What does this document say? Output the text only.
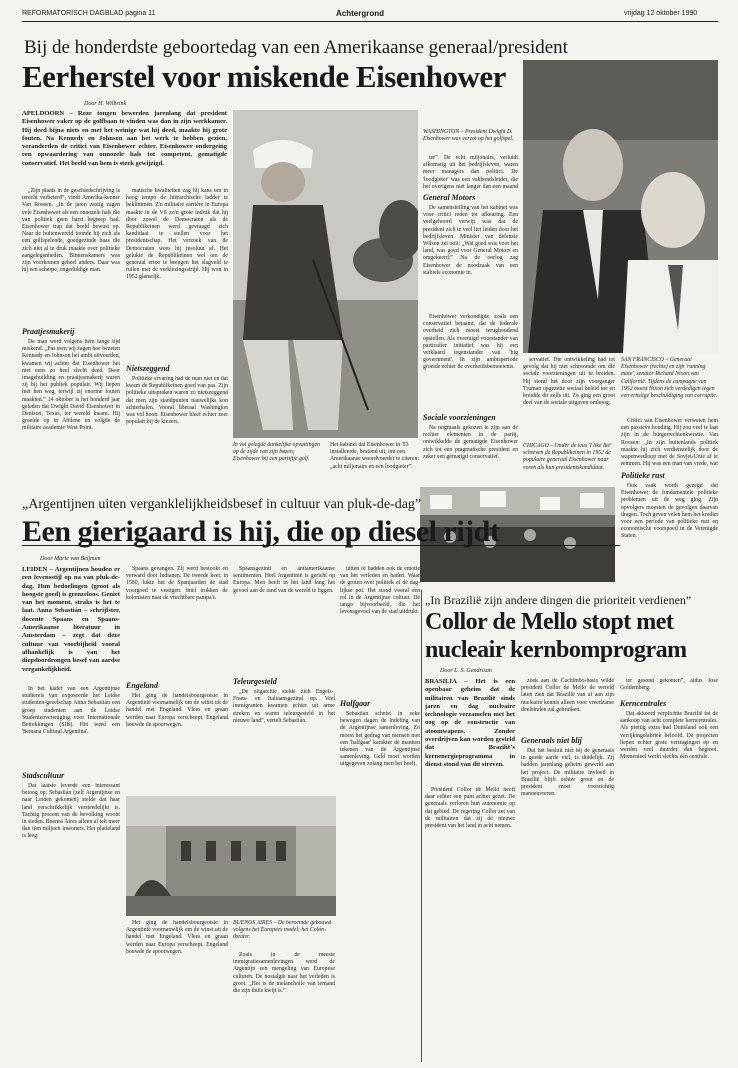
REFORMATORISCH DAGBLAD pagina 11	Achtergrond	vrijdag 12 oktober 1990
Bij de honderdste geboortedag van een Amerikaanse generaal/president
Eerherstel voor miskende Eisenhower
Door H. Wilbrink
APELDOORN – Roze tongen bewerden jarenlang dat president Eisenhower vaker op de golfbaan te vinden was dan in zijn werkkamer. Hij deed bijna niets en met het weinige wat hij deed, maakte hij grote fouten. Na Kennedy en Johnson aan het werk te hebben gezien, veranderden de critici van Eisenhower echter. Eisenhower ondergeing een opwaardering van onnozele hals tot competent, gematigde conservatief. Het beeld van hem is sterk gewijzigd.

„Zijn plaats in de geschiedschrijving is terecht verbeterd”, vindt Amerika-kenner Van Roosen. „In de jaren zestig zagen vele Eisenhower als een onnozele hals die van politiek geen barst begreep had. Eisenhower trap dat beeld bewust op. Naar de buitenwereld toonde hij zich als een golfspelende, goedgezinde baas die zich niet al te druk maakte over politieke aangelegenheden. Binnenskamers was zijn voorkomen geheel anders. Daar was hij een scherpe, ongeduldige man.

Praatjesmakerij

De man werd volgens hem lange tijd miskend. „Pas toen wij zagen hoe bezeten Kennedy en Johnson het ambt uitvoerden, kwamen wij achter dat Eisenhower het niet eens zo heel slecht deed. Door imagebuilding en praatjesmakerij waren zij bij het publiek populair. Wij liepen met hen weg, terwijl zij enorme fouten maakten.” 14 oktober is het honderd jaar geleden dat Dwight David Eisenhower in Denison, Texas, ter wereld kwam. Hij groeide op in Abilene en volgde de militaire academie West Point.

matische kwaliteiten zag hij kans om in hoog tempo de hiërarchische ladder te beklimmen. Z'n militaire carrière in Europa maakte in de VS zo'n grote indruk dat hij door zowel de Democraten als de Republikeinen werd gevraagd zich kandidaat te stellen voor het presidentschap. Het verzoek van de Democraten wees hij resoluut af. Het gelukte de Republikeinen wel om de generaal ertoe te brengen het slagveld te ruilen met de verkiezingsstrijd. Hij won in 1952 glansrijk.

Nietszeggend

Politieke ervaring had de man niet en dat kwam de Republikeinen goed van pas. Zijn politieke uitspraken waren zo nietszeggend dat men zijn standpunten nauwelijks kon achterhalen. Vooral liberaal Washington was vol hoon. Eisenhower bleef echter zeer populair bij de kiezers.

In vol gelegde dankelijke opvattingen op de zijde van zijn bazen; Eisenhower bij een partijtje golf.
Het kabinet dat Eisenhower in '53 installeerde, bestond uit, om een Amerikaanse woordvoerder te citeren: „acht miljonairs en een loodgieter”.
WASHINGTON – President Dwight D. Eisenhower was verzot op het golfspel.

ter”. De echt miljonairs, verluidt afkomstig uit het bedrijfsleven, waren meer managers dan politici. De 'loodgieter' was een vakbondsleider, die het overigens niet langer dan een maand

General Motors

De samenstelling van het kabinet was voor critici reden tot afkeuring. Een veelgehoord verwijt was dat de president zich te veel liet leiden door het bedrijfsleven. Minister van defensie Wilson zei ooit: „Wat goed was voor het land, was goed voor General Motors en omgekeerd.” Na de oorlog zag Eisenhower de noodzaak van een stabiele economie in.

Eisenhower verkondigde, zoals een conservatief betaamt, dat de federale overheid zich moest terughoudend opstellen. Als overtuigd voorstander van particulier initiatief was hij een verklaard tegenstander van 'big government'. In zijn ambtsperiode groeide echter de overheidsbemoeienis.

Sociale voorzieningen

Na nogmaals gekozen te zijn aan de rechter elementen in de partij, ontwikkelde de gematigde Eisenhower zich tot een pragmatische president en zeker een gematigd conservatief.

servatief. Die ontwikkeling had tot gevolg dat hij niet schroomde om die sociale voorzieningen uit te breiden. Hij stond het door zijn voorganger Truman opgezette sociaal beleid toe en breidde dit zelfs uit. Zo ging een groot deel van de sociale uitgaven omhoog.

CHICAGO – Onder de leus 'I like Ike' schreven de Republikeinen in 1952 de populaire generaal Eisenhower naar voren als hun presidentskandidaat.
SAN FRANCISCO – Generaal Eisenhower (rechts) en zijn 'running mate', senator Richard Nixon van Californië. Tijdens de campagne van 1952 moest Nixon zich verdedigen tegen een ernstige beschuldiging van corruptie.

Critici van Eisenhower verweten hem een passieve houding. Hij zou veel te laat zijn in de burgerrechtenkwestie. Van Roosen: „In zijn buitenlands politiek maakte hij zich verdienstelijk door de wapenwedloop met de Sovjet-Unie af te remmen. Hij was een man van vrede, wat

Politieke rust

Ook vaak wordt gezegd dat Eisenhower de fundamentele politieke problemen uit de weg ging. Zijn opvolgers moesten de gevolgen daarvan dragen. Toch geven velen hem het krediet voor een periode van politieke rust en economische voorspoed in de Verenigde Staten.

„Argentijnen uiten verganklelijkheidsbesef in cultuur van pluk-de-dag”
Een gierigaard is hij, die op diesel rijdt
Door Marie van Beijnum
LEIDEN – Argentijnen houden er een levensstijl op na van pluk-de-dag. Hun bedoelingen (groot als hoogste goed) is grenzeloos. Geniet van het moment, straks is het te laat. Anna Sebastián – schrijfster, docente Spaans en Spaans-Amerikaanse literatuur in Amsterdam – zegt dat deze cultuur van voorbijheid vooral afhankelijk is van het diepdoordrongen besef van aardse vergankelijkheid.

In het kader van een Argentijnse studiereis van exposeerde het Leidse studenten-gezelschap Anna Sebastián een groep studenten aan de Leidse Studentenvereniging voor Internationale Betrekkingen (SIB). Het werd een 'Semana Cultural Argentina'.

Stadscultuur

Dat laatste leverde een interessant betoog op. Sebastián (zelf Argentijnse en naar Leiden gekomen) stelde dat haar land verschrikkelijk versteedelijkt is. Tachtig procent van de bevolking woont in steden. Buenos Aires alleen al telt meer dan tien miljoen inwoners. Het platteland is leeg.

Spaans gevangen. Zij werd bestookt en verward door Indianen. De tweede keer, in 1580, lukte het de Spanjaarden de stad voorgoed te vestigen. Snel trokken de kolonisten naar de vruchtbare pampa's.

Engeland

Het ging de handelsbourgeoisie in Argentinië voornamelijk om de winst uit de handel met Engeland. Vlees en graan werden naar Europa verscheept. Engeland bouwde de spoorwegen.

Spaansgezind en antiamerikaanse sentimenten. Heel Argentinië is gericht op Europa. Men heeft in het land lang het gevoel aan de rand van de wereld te liggen.

Teleurgesteld

„De oligarchie stelde zich Engels-, Frans- en Italiaansgezind op. Veel immigranten kwamen echter uit arme streken en waren teleurgesteld in het nieuwe land”, vertelt Sebastián.

uitten of hadden ook de emotie van het verleden en haden. Waar de groten over politiek of de dag-lijkse pot. Het stond vooral een rol in de Argentijnse cultuur. De tango bijvoorbeeld, die het levensgevoel van de stad uitdrukt.

Halfgaar

Sebastián schetst in zeke bewogen dagen de indeling van de Argentijnse samenleving. Zo moest het gedrag van mensen met een 'halfgaar' karakter de mannen tekenen van de Argentijnse samenleving. Geld moet worden uitgegeven zolang men het heeft.

Het ging de handelsbourgeoisie in Argentinië voornamelijk om de winst uit de handel met Engeland. Vlees en graan werden naar Europa verscheept. Engeland bouwde de spoorwegen.

BUENOS AIRES – De beroemde gebouwd volgens het Europees model: het Colón-theater.

Zoals in de meeste immigratiesamenlevingen werd de Argentijn een mengeling van Europese culturen. De nostalgie naar het verleden is groot. „Het is de melancholie van iemand die zijn thuis kwijt is.”

„In Brazilië zijn andere dingen die prioriteit verdienen”
Collor de Mello stopt met
nucleair kernbomprogram
Door L. S. Gendrisan
BRASILIA – Het is een openbaar geheim dat de militairen van Brazilië sinds jaren en dag nucleaire technologie verzamelen met het oog op de constructie van atoomwapens. Zonder overdrijven kan worden gesteld dat Brazilië's kernenergieprogramma in dienst stond van dit streven.

President Collor de Mello heeft daar echter een punt achter gezet. De generaals verloren hun autonomie op dat gebied. De regering Collor zet van de militairen dat zij de nieuwe president van het land in acht nemen.

zoek aan de Cachimbo-basis wilde president Collor de Mello de wereld laten zien dat Brazilië van af aan zijn nucleaire kennis alleen voor vreedzame doeleinden zal gebruiken.

Generaals niet blij

Dat het besluit niet bij de generaals in goede aarde viel, is duidelijk. Zij hadden jarenlang geheim gewerkt aan het project. De militaire invloed in Brazilië blijft echter groot en de president moet voorzichtig manoeuvreren.

ter gesond gekomen”, aldus José Goldemberg.

Kerncentrales

Dat akkoord verplichtte Brazilië tot de aankoop van acht complete kerncentrales. Als prettig extra had Duitsland ook een verrijkingsfabriek beloofd. De projecten liepen echter grote vertragingen op en werden veel duurder dan begroot. Momenteel werkt slechts één centrale.
